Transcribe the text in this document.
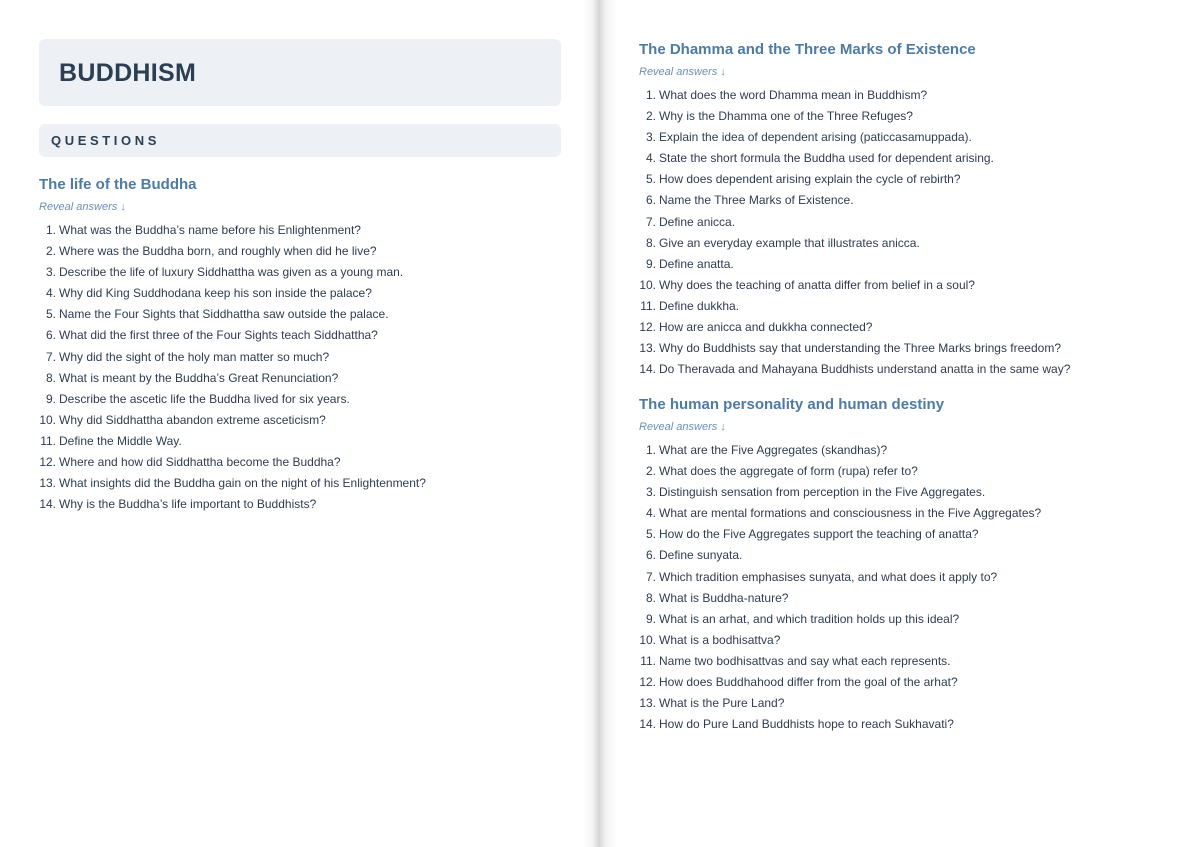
BUDDHISM
QUESTIONS
The life of the Buddha
Reveal answers ↓
1. What was the Buddha’s name before his Enlightenment?
2. Where was the Buddha born, and roughly when did he live?
3. Describe the life of luxury Siddhattha was given as a young man.
4. Why did King Suddhodana keep his son inside the palace?
5. Name the Four Sights that Siddhattha saw outside the palace.
6. What did the first three of the Four Sights teach Siddhattha?
7. Why did the sight of the holy man matter so much?
8. What is meant by the Buddha’s Great Renunciation?
9. Describe the ascetic life the Buddha lived for six years.
10. Why did Siddhattha abandon extreme asceticism?
11. Define the Middle Way.
12. Where and how did Siddhattha become the Buddha?
13. What insights did the Buddha gain on the night of his Enlightenment?
14. Why is the Buddha’s life important to Buddhists?
The Dhamma and the Three Marks of Existence
Reveal answers ↓
1. What does the word Dhamma mean in Buddhism?
2. Why is the Dhamma one of the Three Refuges?
3. Explain the idea of dependent arising (paticcasamuppada).
4. State the short formula the Buddha used for dependent arising.
5. How does dependent arising explain the cycle of rebirth?
6. Name the Three Marks of Existence.
7. Define anicca.
8. Give an everyday example that illustrates anicca.
9. Define anatta.
10. Why does the teaching of anatta differ from belief in a soul?
11. Define dukkha.
12. How are anicca and dukkha connected?
13. Why do Buddhists say that understanding the Three Marks brings freedom?
14. Do Theravada and Mahayana Buddhists understand anatta in the same way?
The human personality and human destiny
Reveal answers ↓
1. What are the Five Aggregates (skandhas)?
2. What does the aggregate of form (rupa) refer to?
3. Distinguish sensation from perception in the Five Aggregates.
4. What are mental formations and consciousness in the Five Aggregates?
5. How do the Five Aggregates support the teaching of anatta?
6. Define sunyata.
7. Which tradition emphasises sunyata, and what does it apply to?
8. What is Buddha-nature?
9. What is an arhat, and which tradition holds up this ideal?
10. What is a bodhisattva?
11. Name two bodhisattvas and say what each represents.
12. How does Buddhahood differ from the goal of the arhat?
13. What is the Pure Land?
14. How do Pure Land Buddhists hope to reach Sukhavati?
